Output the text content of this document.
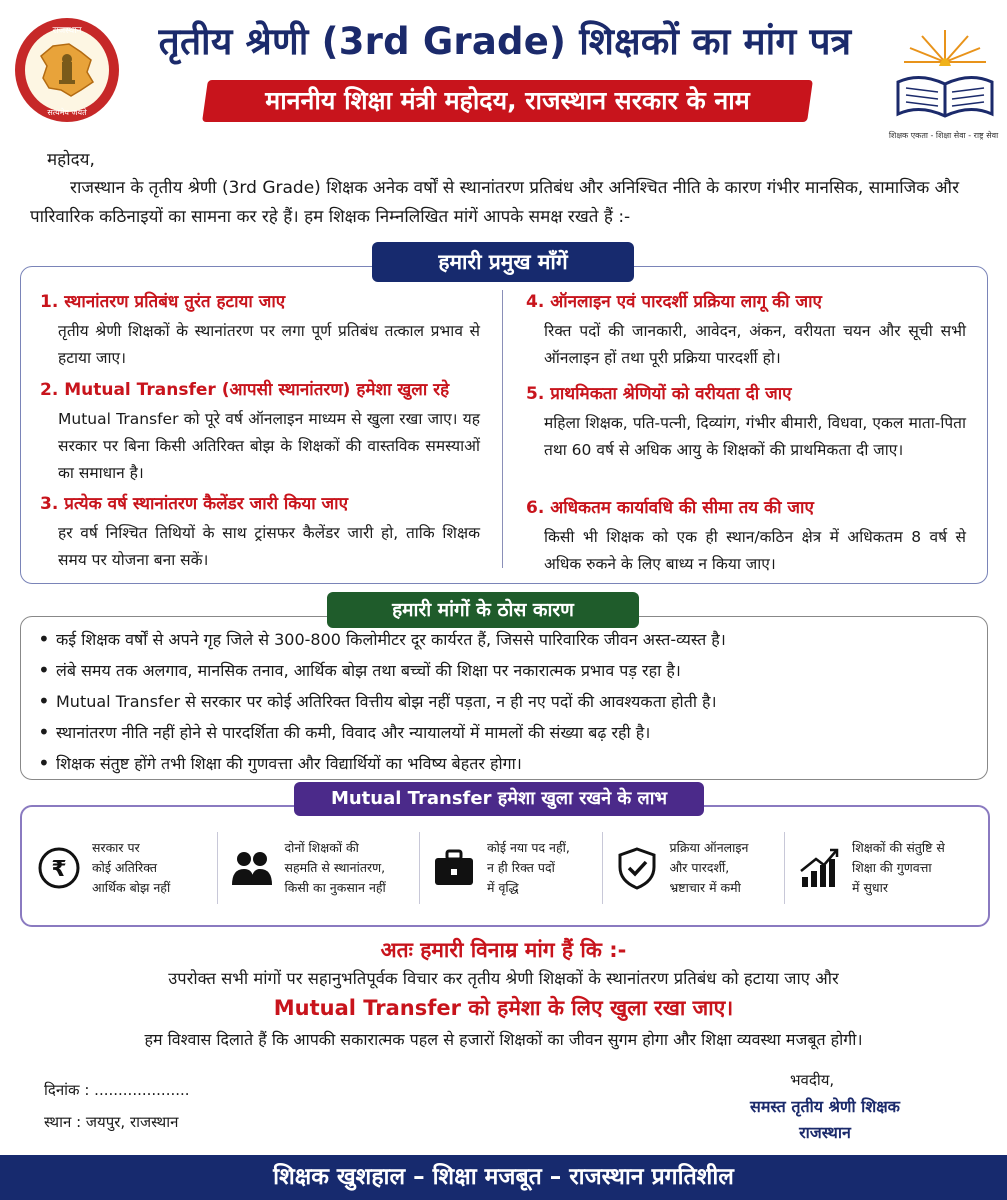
राजस्थान
सत्यमेव जयते
तृतीय श्रेणी (3rd Grade) शिक्षकों का मांग पत्र
माननीय शिक्षा मंत्री महोदय, राजस्थान सरकार के नाम
शिक्षक एकता - शिक्षा सेवा - राष्ट्र सेवा
महोदय,
राजस्थान के तृतीय श्रेणी (3rd Grade) शिक्षक अनेक वर्षों से स्थानांतरण प्रतिबंध और अनिश्चित नीति के कारण गंभीर मानसिक, सामाजिक और पारिवारिक कठिनाइयों का सामना कर रहे हैं। हम शिक्षक निम्नलिखित मांगें आपके समक्ष रखते हैं :-
हमारी प्रमुख माँगें
1. स्थानांतरण प्रतिबंध तुरंत हटाया जाए
तृतीय श्रेणी शिक्षकों के स्थानांतरण पर लगा पूर्ण प्रतिबंध तत्काल प्रभाव से हटाया जाए।
2. Mutual Transfer (आपसी स्थानांतरण) हमेशा खुला रहे
Mutual Transfer को पूरे वर्ष ऑनलाइन माध्यम से खुला रखा जाए। यह सरकार पर बिना किसी अतिरिक्त बोझ के शिक्षकों की वास्तविक समस्याओं का समाधान है।
3. प्रत्येक वर्ष स्थानांतरण कैलेंडर जारी किया जाए
हर वर्ष निश्चित तिथियों के साथ ट्रांसफर कैलेंडर जारी हो, ताकि शिक्षक समय पर योजना बना सकें।
4. ऑनलाइन एवं पारदर्शी प्रक्रिया लागू की जाए
रिक्त पदों की जानकारी, आवेदन, अंकन, वरीयता चयन और सूची सभी ऑनलाइन हों तथा पूरी प्रक्रिया पारदर्शी हो।
5. प्राथमिकता श्रेणियों को वरीयता दी जाए
महिला शिक्षक, पति-पत्नी, दिव्यांग, गंभीर बीमारी, विधवा, एकल माता-पिता तथा 60 वर्ष से अधिक आयु के शिक्षकों की प्राथमिकता दी जाए।
6. अधिकतम कार्यावधि की सीमा तय की जाए
किसी भी शिक्षक को एक ही स्थान/कठिन क्षेत्र में अधिकतम 8 वर्ष से अधिक रुकने के लिए बाध्य न किया जाए।
हमारी मांगों के ठोस कारण
• कई शिक्षक वर्षों से अपने गृह जिले से 300-800 किलोमीटर दूर कार्यरत हैं, जिससे पारिवारिक जीवन अस्त-व्यस्त है।
• लंबे समय तक अलगाव, मानसिक तनाव, आर्थिक बोझ तथा बच्चों की शिक्षा पर नकारात्मक प्रभाव पड़ रहा है।
• Mutual Transfer से सरकार पर कोई अतिरिक्त वित्तीय बोझ नहीं पड़ता, न ही नए पदों की आवश्यकता होती है।
• स्थानांतरण नीति नहीं होने से पारदर्शिता की कमी, विवाद और न्यायालयों में मामलों की संख्या बढ़ रही है।
• शिक्षक संतुष्ट होंगे तभी शिक्षा की गुणवत्ता और विद्यार्थियों का भविष्य बेहतर होगा।
Mutual Transfer हमेशा खुला रखने के लाभ
₹
सरकार पर
कोई अतिरिक्त
आर्थिक बोझ नहीं
दोनों शिक्षकों की
सहमति से स्थानांतरण,
किसी का नुकसान नहीं
कोई नया पद नहीं,
न ही रिक्त पदों
में वृद्धि
प्रक्रिया ऑनलाइन
और पारदर्शी,
भ्रष्टाचार में कमी
शिक्षकों की संतुष्टि से
शिक्षा की गुणवत्ता
में सुधार
अतः हमारी विनाम्र मांग हैं कि :-
उपरोक्त सभी मांगों पर सहानुभतिपूर्वक विचार कर तृतीय श्रेणी शिक्षकों के स्थानांतरण प्रतिबंध को हटाया जाए और
Mutual Transfer को हमेशा के लिए खुला रखा जाए।
हम विश्वास दिलाते हैं कि आपकी सकारात्मक पहल से हजारों शिक्षकों का जीवन सुगम होगा और शिक्षा व्यवस्था मजबूत होगी।
दिनांक : ....................
स्थान : जयपुर, राजस्थान
भवदीय,
समस्त तृतीय श्रेणी शिक्षक
राजस्थान
शिक्षक खुशहाल – शिक्षा मजबूत – राजस्थान प्रगतिशील
